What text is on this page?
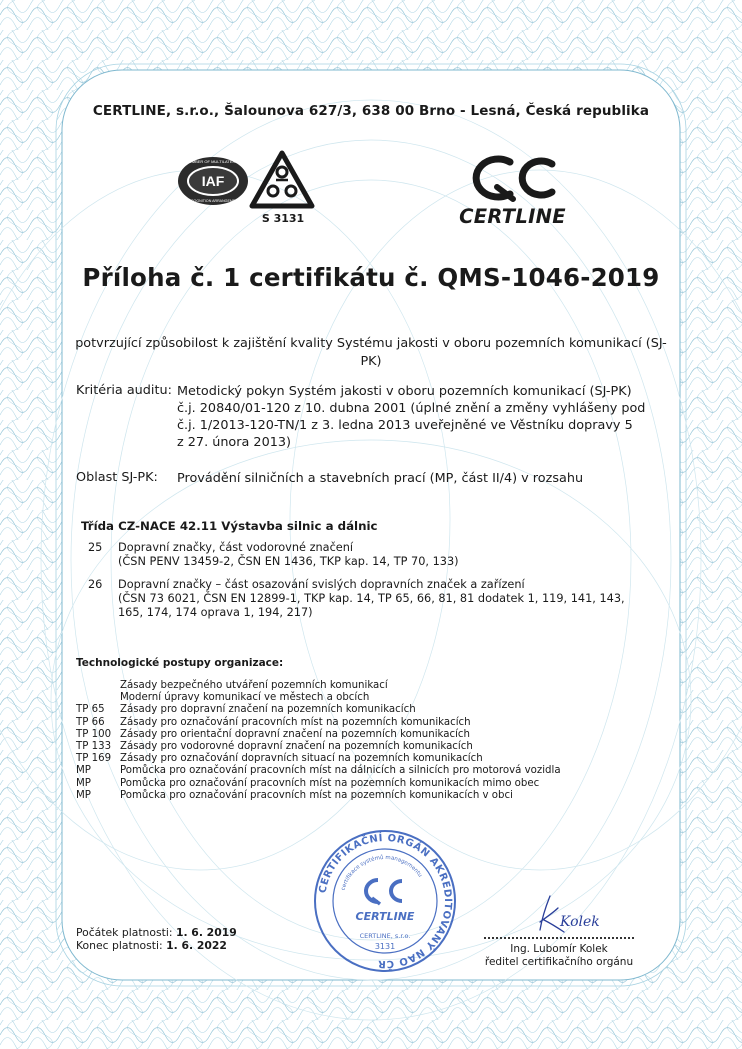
CERTLINE, s.r.o., Šalounova 627/3, 638 00 Brno - Lesná, Česká republika
IAF
MEMBER OF MULTILATERAL
RECOGNITION ARRANGEMENT
S 3131	CERTLINE
Příloha č. 1 certifikátu č. QMS-1046-2019
potvrzující způsobilost k zajištění kvality Systému jakosti v oboru pozemních komunikací (SJ-PK)
Kritéria auditu: Metodický pokyn Systém jakosti v oboru pozemních komunikací (SJ-PK)
č.j. 20840/01-120 z 10. dubna 2001 (úplné znění a změny vyhlášeny pod
č.j. 1/2013-120-TN/1 z 3. ledna 2013 uveřejněné ve Věstníku dopravy 5
z 27. února 2013)
Oblast SJ-PK: Provádění silničních a stavebních prací (MP, část II/4) v rozsahu
Třída CZ-NACE 42.11 Výstavba silnic a dálnic
25	Dopravní značky, část vodorovné značení
(ČSN PENV 13459-2, ČSN EN 1436, TKP kap. 14, TP 70, 133)
26	Dopravní značky – část osazování svislých dopravních značek a zařízení
(ČSN 73 6021, ČSN EN 12899-1, TKP kap. 14, TP 65, 66, 81, 81 dodatek 1, 119, 141, 143,
165, 174, 174 oprava 1, 194, 217)
Technologické postupy organizace:
Zásady bezpečného utváření pozemních komunikací
Moderní úpravy komunikací ve městech a obcích
TP 65	Zásady pro dopravní značení na pozemních komunikacích
TP 66	Zásady pro označování pracovních míst na pozemních komunikacích
TP 100 Zásady pro orientační dopravní značení na pozemních komunikacích
TP 133 Zásady pro vodorovné dopravní značení na pozemních komunikacích
TP 169 Zásady pro označování dopravních situací na pozemních komunikacích
MP	Pomůcka pro označování pracovních míst na dálnicích a silnicích pro motorová vozidla
MP	Pomůcka pro označování pracovních míst na pozemních komunikacích mimo obec
MP	Pomůcka pro označování pracovních míst na pozemních komunikacích v obci
CERTIFIKAČNÍ ORGÁN AKREDITOVANÝ NAO ČR
certifikace systémů managementu
CERTLINE
CERTLINE, s.r.o.
3131
Počátek platnosti: 1. 6. 2019
Konec platnosti: 1. 6. 2022
Kolek
Ing. Lubomír Kolek
ředitel certifikačního orgánu
